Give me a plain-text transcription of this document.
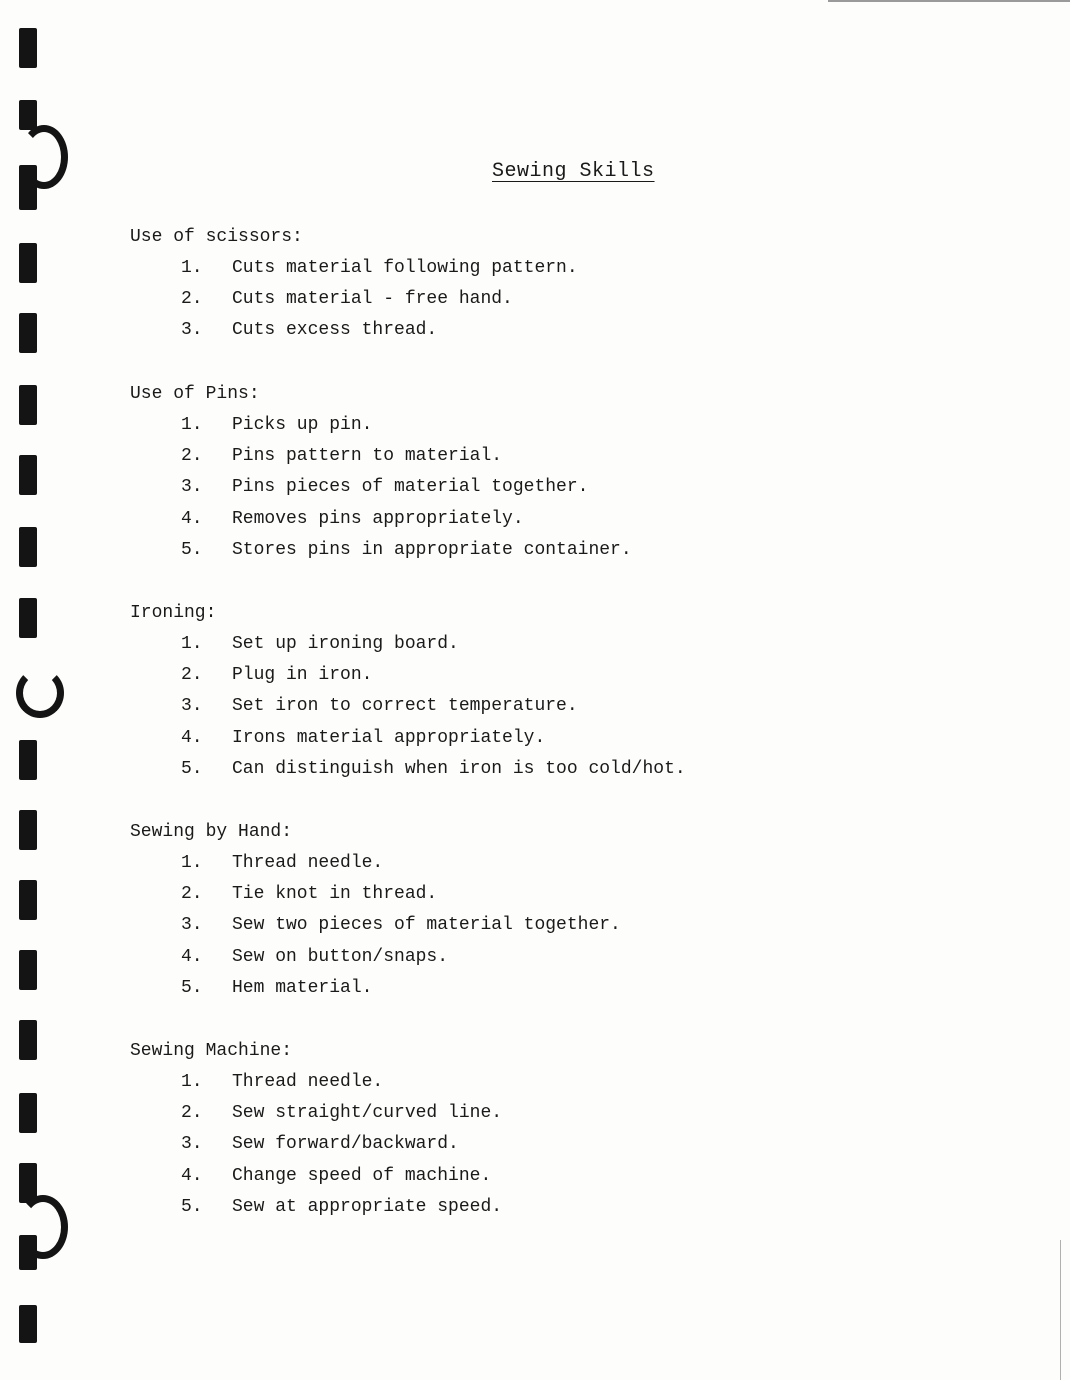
Sewing Skills
Use of scissors:
1. Cuts material following pattern.
2. Cuts material - free hand.
3. Cuts excess thread.
Use of Pins:
1. Picks up pin.
2. Pins pattern to material.
3. Pins pieces of material together.
4. Removes pins appropriately.
5. Stores pins in appropriate container.
Ironing:
1. Set up ironing board.
2. Plug in iron.
3. Set iron to correct temperature.
4. Irons material appropriately.
5. Can distinguish when iron is too cold/hot.
Sewing by Hand:
1. Thread needle.
2. Tie knot in thread.
3. Sew two pieces of material together.
4. Sew on button/snaps.
5. Hem material.
Sewing Machine:
1. Thread needle.
2. Sew straight/curved line.
3. Sew forward/backward.
4. Change speed of machine.
5. Sew at appropriate speed.
